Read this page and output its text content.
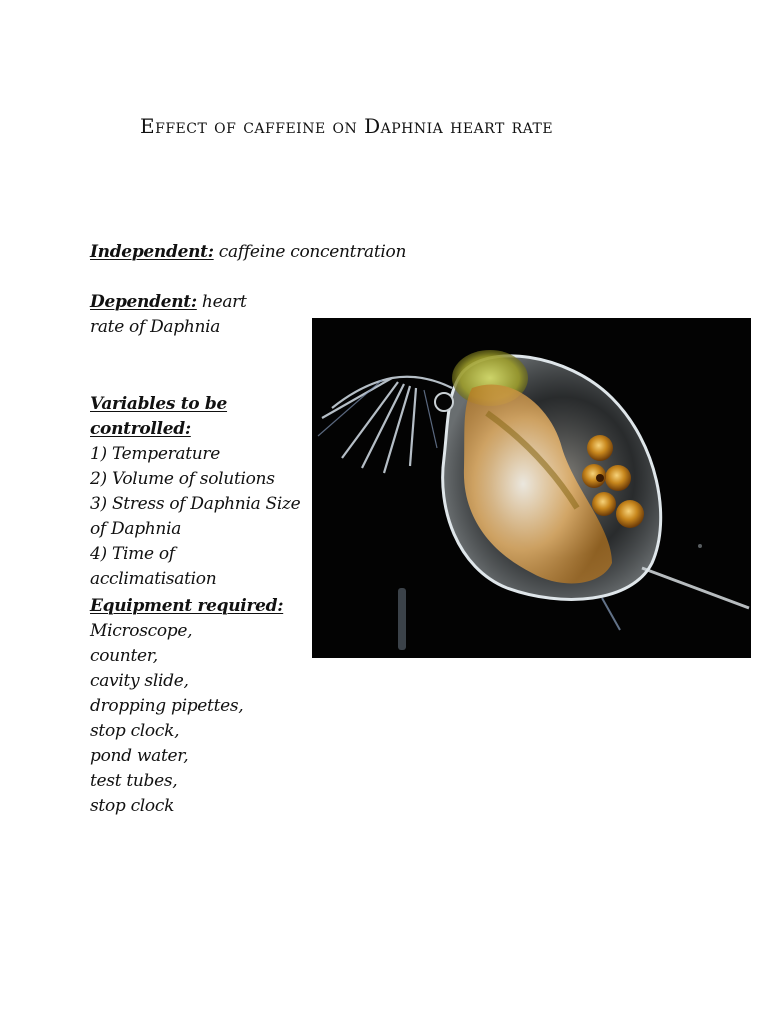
Effect of caffeine on Daphnia heart rate
Independent: caffeine concentration
Dependent: heart rate of Daphnia
Variables to be controlled:
1) Temperature
2) Volume of solutions
3) Stress of Daphnia Size of Daphnia
4) Time of acclimatisation
Equipment required:
Microscope,
counter,
cavity slide,
dropping pipettes,
stop clock,
pond water,
test tubes,
stop clock
